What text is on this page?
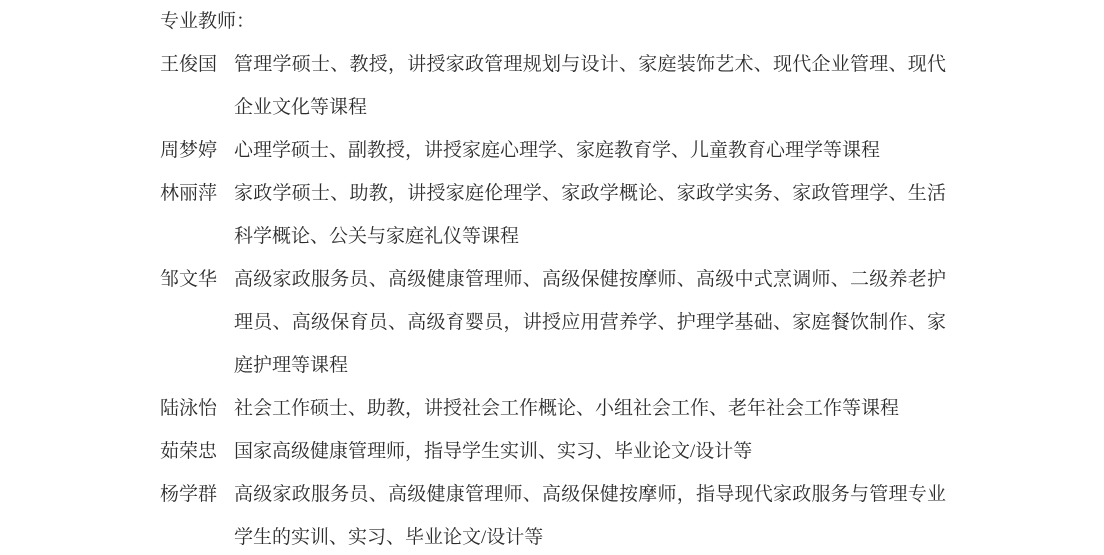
专业教师：
王俊国 管理学硕士、教授，讲授家政管理规划与设计、家庭装饰艺术、现代企业管理、现代企业文化等课程
周梦婷 心理学硕士、副教授，讲授家庭心理学、家庭教育学、儿童教育心理学等课程
林丽萍 家政学硕士、助教，讲授家庭伦理学、家政学概论、家政学实务、家政管理学、生活科学概论、公关与家庭礼仪等课程
邹文华 高级家政服务员、高级健康管理师、高级保健按摩师、高级中式烹调师、二级养老护理员、高级保育员、高级育婴员，讲授应用营养学、护理学基础、家庭餐饮制作、家庭护理等课程
陆泳怡 社会工作硕士、助教，讲授社会工作概论、小组社会工作、老年社会工作等课程
茹荣忠 国家高级健康管理师，指导学生实训、实习、毕业论文/设计等
杨学群 高级家政服务员、高级健康管理师、高级保健按摩师，指导现代家政服务与管理专业学生的实训、实习、毕业论文/设计等
